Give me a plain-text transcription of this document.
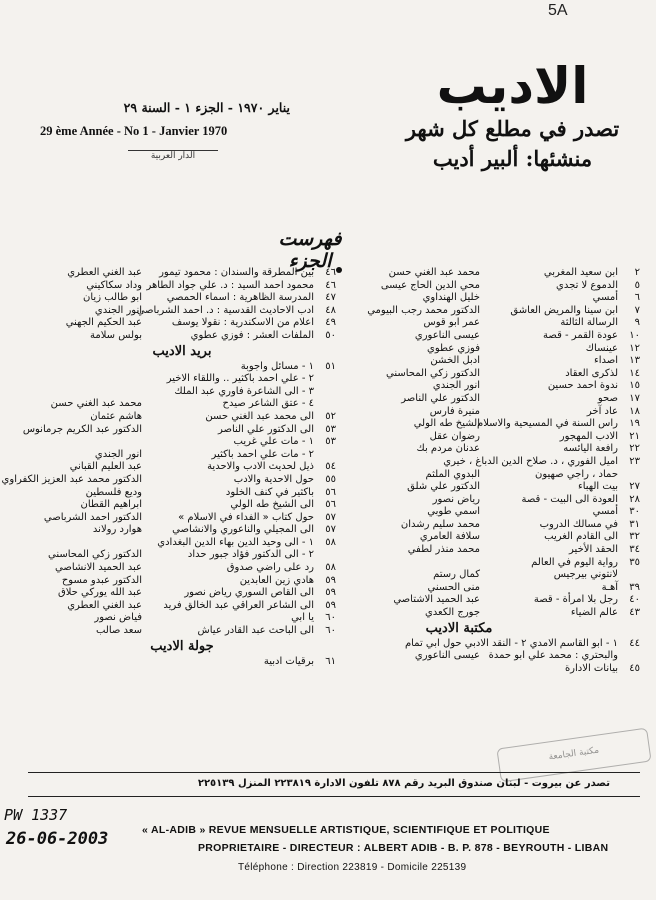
5A
الاديب
تصدر في مطلع كل شهر
منشئها: ألبير أديب
يناير ١٩٧٠ - الجزء ١ - السنة ٢٩
29 ème Année - No 1 - Janvier 1970
الدار العربية
فهرست الجزء
٢
ابن سعيد المغربي
محمد عبد الغني حسن
٥
الدموع لا تجدي
محي الدين الحاج عيسى
٦
أمسي
خليل الهنداوي
٧
ابن سينا والمريض العاشق
الدكتور محمد رجب البيومي
٩
الرسالة الثالثة
عمر ابو قوس
١٠
عودة القمر - قصة
عيسى الناعوري
١٢
عينساك
فوزي عطوي
١٣
اصداء
ادبل الخشن
١٤
لذكرى العقاد
الدكتور زكي المحاسني
١٥
ندوة احمد حسين
انور الجندي
١٧
صحو
الدكتور علي الناصر
١٨
عاد آخر
منيرة فارس
١٩
راس السنة في المسيحية والاسلام
الشيخ طه الولي
٢١
الادب المهجور
رضوان عقل
٢٢
رافعة اليائسه
عدنان مردم بك
٢٣
اميل الفوري ، د. صلاح الدين الدباغ ، خيري
حماد ، راجي صهيون
البدوي الملثم
٢٧
بيت الهباء
الدكتور علي شلق
٢٨
العودة الى البيت - قصة
رياض نصور
٣٠
أمسي
اسمي طوبي
٣١
في مسالك الدروب
محمد سليم رشدان
٣٢
الى القادم الغريب
سلافة العامري
٣٤
الحقد الأخير
محمد منذر لطفي
٣٥
رواية اليوم في العالم
لانتوني بيرجيس
كمال رستم
٣٩
آهـة
منى الحسني
٤٠
رجل بلا امرأة - قصة
عبد الحميد الاشتاصي
٤٣
عالم الضياء
جورج الكعدي
مكتبة الاديب
٤٤
١ - ابو القاسم الامدي ٢ - النقد الادبي حول ابي تمام
والبحتري : محمد علي ابو حمدة
عيسى الناعوري
٤٥
بيانات الادارة
٤٦
بين المطرقة والسندان : محمود تيمور
عبد الغني العطري
٤٦
محمود احمد السيد : د. علي جواد الطاهر
وداد سكاكيني
٤٧
المدرسة الظاهرية : اسماء الحمصي
ابو طالب زيان
٤٨
ادب الاحاديث القدسية : د. احمد الشرباصي
انور الجندي
٤٩
اعلام من الاسكندرية : نقولا يوسف
عبد الحكيم الجهني
٥٠
الملفات العشر : فوزي عطوي
بولس سلامة
بريد الاديب
٥١
١ - مسائل واجوبة
٢ - علي احمد باكثير .. واللقاء الاخير
٣ - الى الشاعرة فاوري عبد الملك
٤ - عتق الشاعر صيدح
محمد عبد الغني حسن
٥٢
الى محمد عبد الغني حسن
هاشم عثمان
٥٣
الى الدكتور علي الناصر
الدكتور عبد الكريم جرمانوس
٥٣
١ - مات علي غريب
٢ - مات علي احمد باكثير
انور الجندي
٥٤
ذيل لحديث الادب والاحدية
عبد العليم القباني
٥٥
حول الاحدية والادب
الدكتور محمد عبد العزيز الكفراوي
٥٦
باكثير في كنف الخلود
وديع فلسطين
٥٦
الى الشيخ طه الولي
ابراهيم القطان
٥٧
حول كتاب « الفداء في الاسلام »
الدكتور احمد الشرباصي
٥٧
الى المجيلي والناعوري والانشاصي
هوارد رولاند
٥٨
١ - الى وحيد الدين بهاء الدين البغدادي
٢ - الى الدكتور فؤاد جبور حداد
الدكتور زكي المحاسني
٥٨
رد على راضي صدوق
عبد الحميد الانشاصي
٥٩
هادي زين العابدين
الدكتور عبدو مسوح
٥٩
الى القاص السوري رياض نصور
عبد الله يوركي حلاق
٥٩
الى الشاعر العراقي عبد الخالق فريد
عبد الغني العطري
٦٠
يا ابي
فياض نصور
٦٠
الى الباحث عبد القادر عياش
سعد صالب
جولة الاديب
٦١
برقيات ادبية
مكتبة الجامعة
تصدر عن بيروت - لبنان صندوق البريد رقم ٨٧٨ تلفون الادارة ٢٢٣٨١٩ المنزل ٢٢٥١٣٩
PW 1337
26-06-2003	« AL-ADIB » REVUE MENSUELLE ARTISTIQUE, SCIENTIFIQUE ET POLITIQUE
PROPRIETAIRE - DIRECTEUR : ALBERT ADIB - B. P. 878 - BEYROUTH - LIBAN
Téléphone : Direction 223819 - Domicile 225139
